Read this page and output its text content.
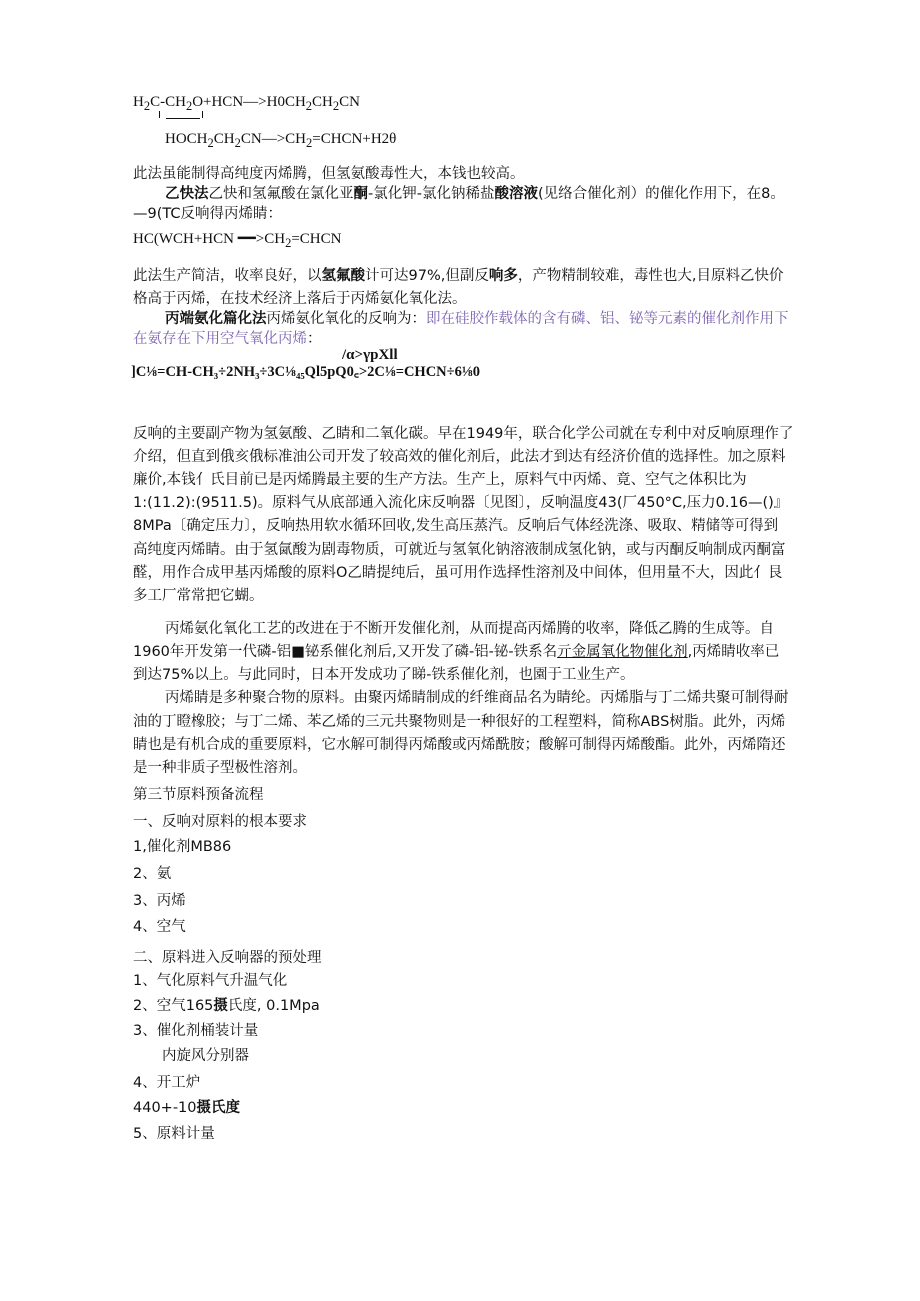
$H_2C-CH_2O+HCN—>H0CH_2CH_2CN$
$HOCH_2CH_2CN—>CH_2=CHCN+H2\theta$
此法虽能制得高纯度丙烯腾，但氢氨酸毒性大，本钱也较高。
乙快法乙快和氢氟酸在氯化亚酮-氯化钾-氯化钠稀盐酸溶液(见络合催化剂）的催化作用下，在8。
—9(TC反响得丙烯睛：
HC(WCH+HCN $━━>CH_2=CHCN$
此法生产简洁，收率良好，以氢氟酸计可达97%,但副反响多，产物精制较难，毒性也大,目原料乙快价
格高于丙烯，在技术经济上落后于丙烯氨化氧化法。
丙端氨化篇化法丙烯氨化氧化的反响为：即在硅胶作载体的含有磷、铝、铋等元素的催化剂作用下
在氨存在下用空气氧化丙烯：
/α>γpXll
]C⅛=CH-CH₃÷2NH₃÷3C⅛₄₅Ql5pQ0꜀>2C⅛=CHCN÷6⅛0
反响的主要副产物为氢氨酸、乙睛和二氧化碳。早在1949年，联合化学公司就在专利中对反响原理作了
介绍，但直到俄亥俄标准油公司开发了较高效的催化剂后，此法才到达有经济价值的选择性。加之原料
廉价,本钱亻氏目前已是丙烯腾最主要的生产方法。生产上，原料气中丙烯、竟、空气之体积比为
1:(11.2):(9511.5)。原料气从底部通入流化床反响器〔见图〕，反响温度43(厂450°C,压力0.16—()』
8MPa〔确定压力〕，反响热用软水循环回收,发生高压蒸汽。反响后气体经洗涤、吸取、精储等可得到
高纯度丙烯睛。由于氢氤酸为剧毒物质，可就近与氢氧化钠溶液制成氢化钠，或与丙酮反响制成丙酮富
醛，用作合成甲基丙烯酸的原料O乙睛提纯后，虽可用作选择性溶剂及中间体，但用量不大，因此亻艮
多工厂常常把它蝴。
丙烯氨化氧化工艺的改进在于不断开发催化剂，从而提高丙烯腾的收率，降低乙腾的生成等。自
1960年开发第一代磷-铝■铋系催化剂后,又开发了磷-铝-铋-铁系名亓金属氧化物催化剂,丙烯睛收率已
到达75%以上。与此同时，日本开发成功了睇-铁系催化剂，也園于工业生产。
丙烯睛是多种聚合物的原料。由聚丙烯睛制成的纤维商品名为睛纶。丙烯脂与丁二烯共聚可制得耐
油的丁瞪橡胶；与丁二烯、苯乙烯的三元共聚物则是一种很好的工程塑料，简称ABS树脂。此外，丙烯
睛也是有机合成的重要原料，它水解可制得丙烯酸或丙烯酰胺；酸解可制得丙烯酸酯。此外，丙烯隋还
是一种非质子型极性溶剂。
第三节原料预备流程
一、反响对原料的根本要求
1,催化剂MB86
2、氨
3、丙烯
4、空气
二、原料进入反响器的预处理
1、气化原料气升温气化
2、空气165摄氏度, 0.1Mpa
3、催化剂桶装计量
内旋风分别器
4、开工炉
440+-10摄氏度
5、原料计量
